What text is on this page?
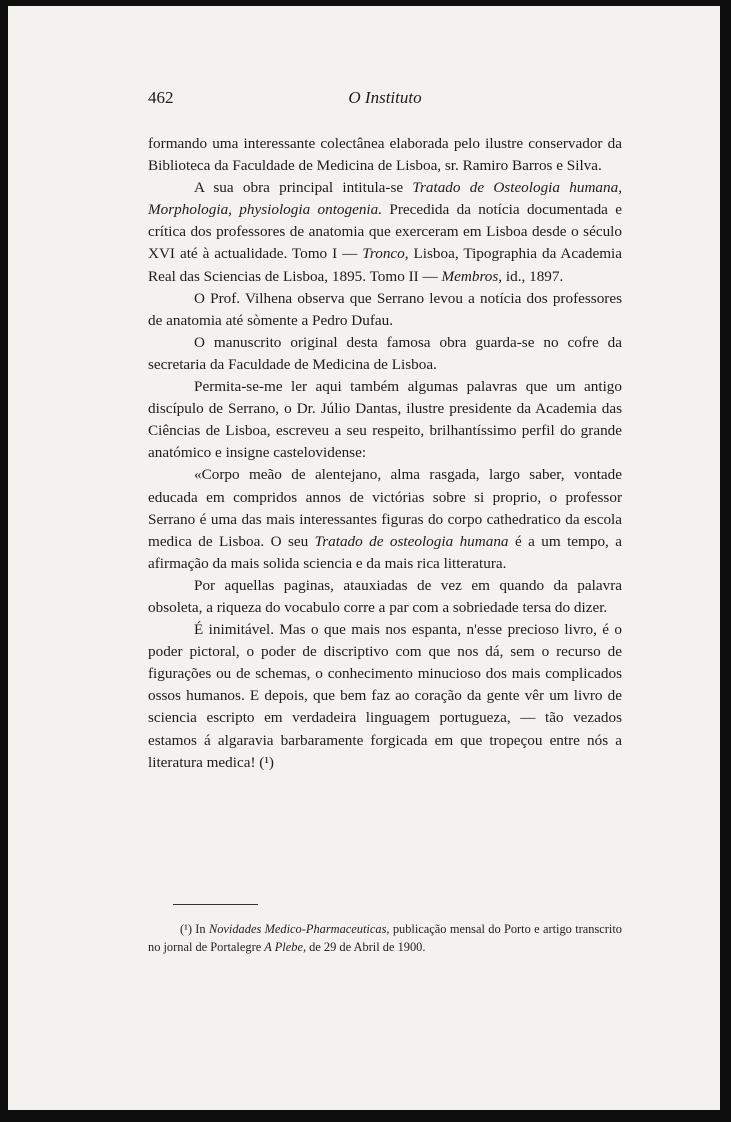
462	O Instituto

formando uma interessante colectânea elaborada pelo ilustre conservador da Biblioteca da Faculdade de Medicina de Lisboa, sr. Ramiro Barros e Silva.

A sua obra principal intitula-se Tratado de Osteologia humana, Morphologia, physiologia ontogenia. Precedida da notícia documentada e crítica dos professores de anatomia que exerceram em Lisboa desde o século XVI até à actualidade. Tomo I — Tronco, Lisboa, Tipographia da Academia Real das Sciencias de Lisboa, 1895. Tomo II — Membros, id., 1897.

O Prof. Vilhena observa que Serrano levou a notícia dos professores de anatomia até sòmente a Pedro Dufau.

O manuscrito original desta famosa obra guarda-se no cofre da secretaria da Faculdade de Medicina de Lisboa.

Permita-se-me ler aqui também algumas palavras que um antigo discípulo de Serrano, o Dr. Júlio Dantas, ilustre presidente da Academia das Ciências de Lisboa, escreveu a seu respeito, brilhantíssimo perfil do grande anatómico e insigne castelovidense:

«Corpo meão de alentejano, alma rasgada, largo saber, vontade educada em compridos annos de victórias sobre si proprio, o professor Serrano é uma das mais interessantes figuras do corpo cathedratico da escola medica de Lisboa. O seu Tratado de osteologia humana é a um tempo, a afirmação da mais solida sciencia e da mais rica litteratura.

Por aquellas paginas, atauxiadas de vez em quando da palavra obsoleta, a riqueza do vocabulo corre a par com a sobriedade tersa do dizer.

É inimitável. Mas o que mais nos espanta, n'esse precioso livro, é o poder pictoral, o poder de discriptivo com que nos dá, sem o recurso de figurações ou de schemas, o conhecimento minucioso dos mais complicados ossos humanos. E depois, que bem faz ao coração da gente vêr um livro de sciencia escripto em verdadeira linguagem portugueza, — tão vezados estamos á algaravia barbaramente forgicada em que tropeçou entre nós a literatura medica! (¹)

(¹) In Novidades Medico-Pharmaceuticas, publicação mensal do Porto e artigo transcrito no jornal de Portalegre A Plebe, de 29 de Abril de 1900.
